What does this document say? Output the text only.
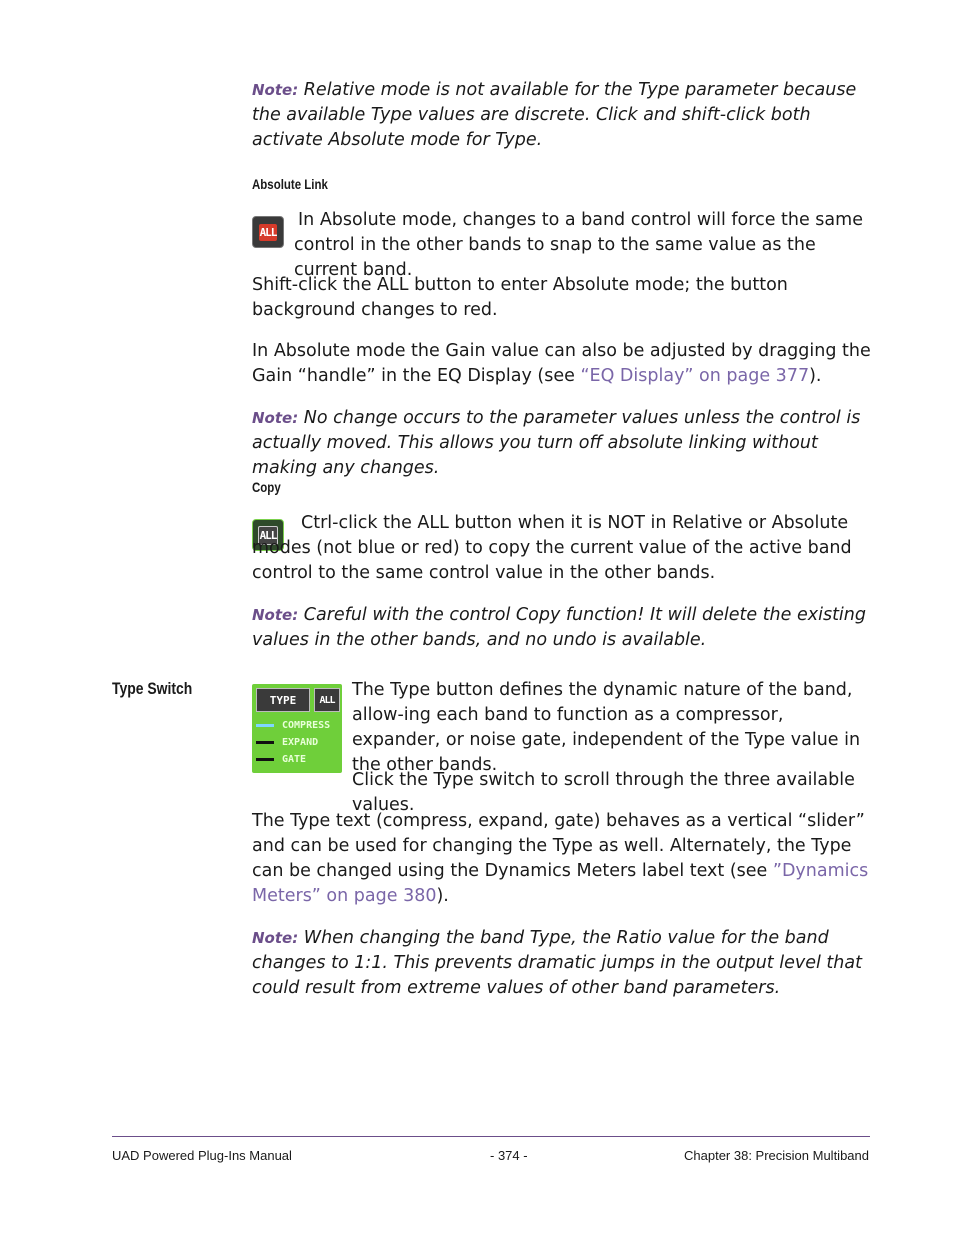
Note: Relative mode is not available for the Type parameter because the available Type values are discrete. Click and shift-click both activate Absolute mode for Type.
Absolute Link
ALL
In Absolute mode, changes to a band control will force the same control in the other bands to snap to the same value as the current band.
Shift-click the ALL button to enter Absolute mode; the button background changes to red.
In Absolute mode the Gain value can also be adjusted by dragging the Gain “handle” in the EQ Display (see “EQ Display” on page 377).
Note: No change occurs to the parameter values unless the control is actually moved. This allows you turn off absolute linking without making any changes.
Copy
ALL
Ctrl-click the ALL button when it is NOT in Relative or Absolute modes (not blue or red) to copy the current value of the active band control to the same control value in the other bands.
Note: Careful with the control Copy function! It will delete the existing values in the other bands, and no undo is available.
Type Switch
TYPE	ALL
COMPRESS
EXPAND
GATE
The Type button defines the dynamic nature of the band, allow-ing each band to function as a compressor, expander, or noise gate, independent of the Type value in the other bands.
Click the Type switch to scroll through the three available values.
The Type text (compress, expand, gate) behaves as a vertical “slider” and can be used for changing the Type as well. Alternately, the Type can be changed using the Dynamics Meters label text (see ”Dynamics Meters” on page 380).
Note: When changing the band Type, the Ratio value for the band changes to 1:1. This prevents dramatic jumps in the output level that could result from extreme values of other band parameters.
UAD Powered Plug-Ins Manual	- 374 -	Chapter 38: Precision Multiband
